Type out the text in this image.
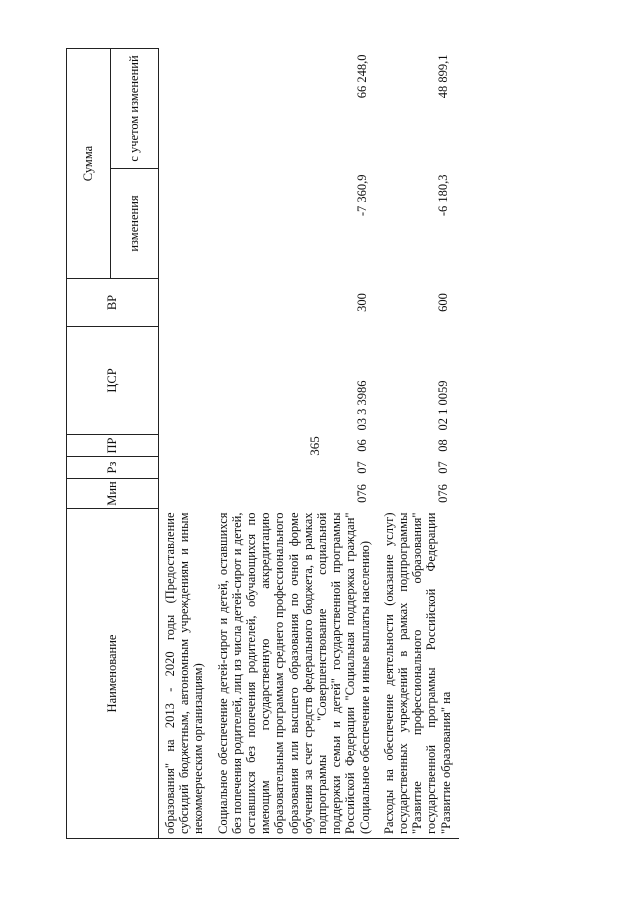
365
Наименование	Мин	Рз	ПР	ЦСР	ВР	Сумма	
						изменения	с учетом изменений
образования" на 2013 - 2020 годы (Предоставление субсидий бюджетным, автономным учреждениям и иным некоммерческим организациям)							
Социальное обеспечение детей-сирот и детей, оставшихся без попечения родителей, лиц из числа детей-сирот и детей, оставшихся без попечения родителей, обучающихся по имеющим государственную аккредитацию образовательным программам среднего профессионального образования или высшего образования по очной форме обучения за счет средств федерального бюджета, в рамках подпрограммы "Совершенствование социальной поддержки семьи и детей" государственной программы Российской Федерации "Социальная поддержка граждан" (Социальное обеспечение и иные выплаты населению)	076	07	06	03 3 3986	300	-7 360,9	66 248,0
Расходы на обеспечение деятельности (оказание услуг) государственных учреждений в рамках подпрограммы "Развитие профессионального образования" государственной программы Российской Федерации "Развитие образования" на	076	07	08	02 1 0059	600	-6 180,3	48 899,1
